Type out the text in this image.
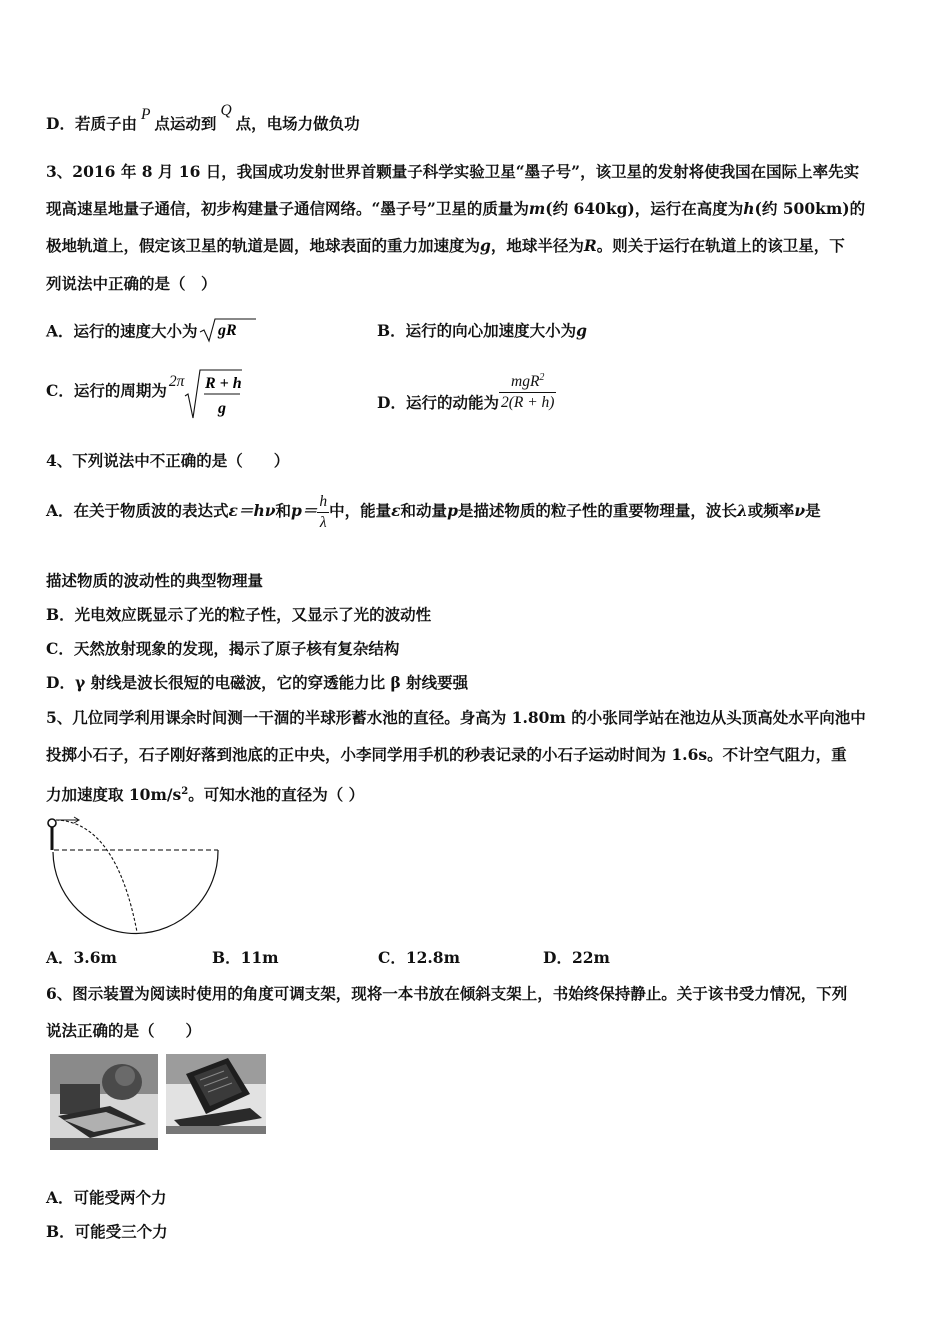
D．若质子由 P 点运动到Q点，电场力做负功
3、2016 年 8 月 16 日，我国成功发射世界首颗量子科学实验卫星“墨子号”，该卫星的发射将使我国在国际上率先实
现高速星地量子通信，初步构建量子通信网络。“墨子号”卫星的质量为m(约 640kg)，运行在高度为h(约 500km)的
极地轨道上，假定该卫星的轨道是圆，地球表面的重力加速度为g，地球半径为R。则关于运行在轨道上的该卫星，下
列说法中正确的是（　）
A．运行的速度大小为 gR	B．运行的向心加速度大小为g
C．运行的周期为 2π R + h
g	D．运行的动能为 $\frac{mgR^2}{2(R + h)}$
4、下列说法中不正确的是（　　）
A．在关于物质波的表达式ε＝hν和$p= \frac{h}{\lambda}$ 中，能量ε和动量p是描述物质的粒子性的重要物理量，波长λ或频率ν是
描述物质的波动性的典型物理量
B．光电效应既显示了光的粒子性，又显示了光的波动性
C．天然放射现象的发现，揭示了原子核有复杂结构
D．γ 射线是波长很短的电磁波，它的穿透能力比 β 射线要强
5、几位同学利用课余时间测一干涸的半球形蓄水池的直径。身高为 1.80m 的小张同学站在池边从头顶高处水平向池中
投掷小石子，石子刚好落到池底的正中央，小李同学用手机的秒表记录的小石子运动时间为 1.6s。不计空气阻力，重
力加速度取 $10m/s^2$。可知水池的直径为（ ）
A．3.6m	B．11m	C．12.8m	D．22m
6、图示装置为阅读时使用的角度可调支架，现将一本书放在倾斜支架上，书始终保持静止。关于该书受力情况，下列
说法正确的是（　　）
A．可能受两个力
B．可能受三个力
